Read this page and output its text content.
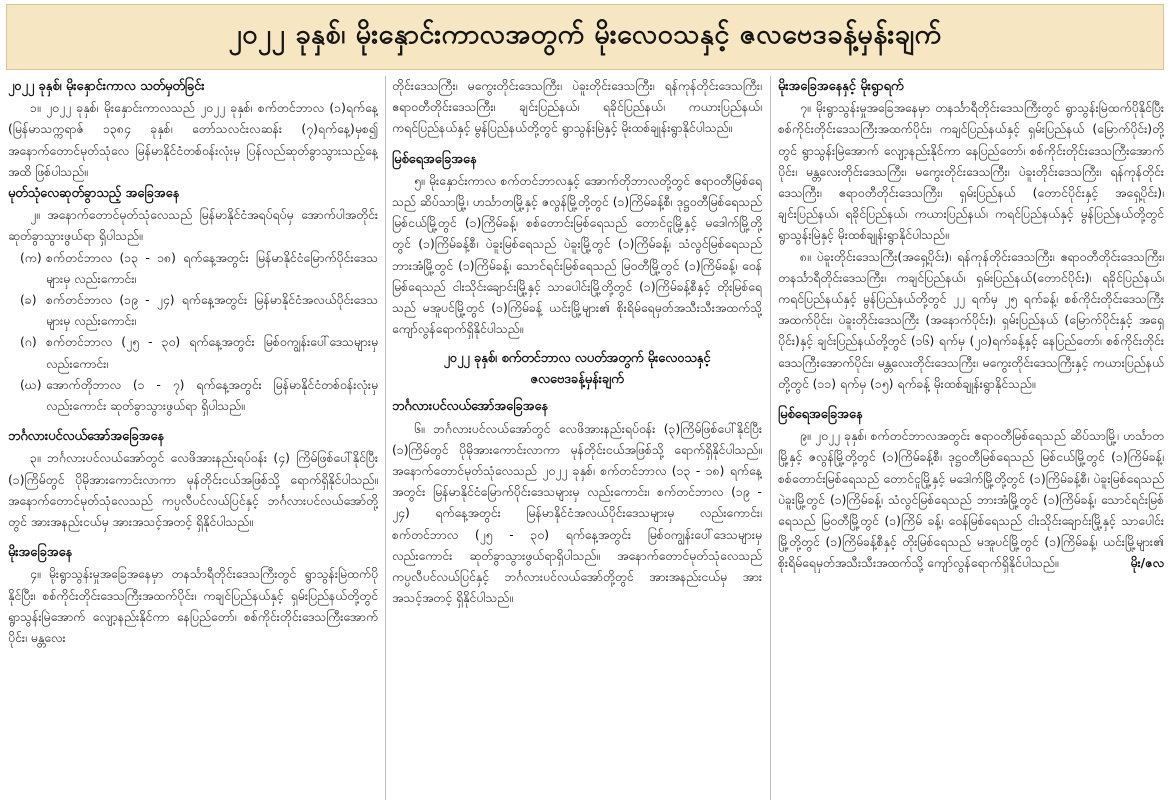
၂၀၂၂ ခုနှစ်၊ မိုးနှောင်းကာလအတွက် မိုးလေဝသနှင့် ဇလဗေဒခန့်မှန်းချက်
၂၀၂၂ ခုနှစ်၊ မိုးနှောင်းကာလ သတ်မှတ်ခြင်း

၁။ ၂၀၂၂ ခုနှစ်၊ မိုးနှောင်းကာလသည် ၂၀၂၂ ခုနှစ်၊ စက်တင်ဘာလ (၁)ရက်နေ့ (မြန်မာသက္ကရာဇ် ၁၃၈၄ ခုနှစ်၊ တော်သလင်းလဆန်း (၇)ရက်နေ့)မှစ၍ အနောက်တောင်မုတ်သုံလေ မြန်မာနိုင်ငံတစ်ဝန်းလုံးမှ ပြန်လည်ဆုတ်ခွာသွားသည့်နေ့အထိ ဖြစ်ပါသည်။

မုတ်သုံလေဆုတ်ခွာသည့် အခြေအနေ

၂။ အနောက်တောင်မုတ်သုံလေသည် မြန်မာနိုင်ငံအရပ်ရပ်မှ အောက်ပါအတိုင်း ဆုတ်ခွာသွားဖွယ်ရာ ရှိပါသည်။

(က) စက်တင်ဘာလ (၁၃ - ၁၈) ရက်နေ့အတွင်း မြန်မာနိုင်ငံမြောက်ပိုင်းဒေသများမှ လည်းကောင်း၊

(ခ) စက်တင်ဘာလ (၁၉ - ၂၄) ရက်နေ့အတွင်း မြန်မာနိုင်ငံအလယ်ပိုင်းဒေသများမှ လည်းကောင်း၊

(ဂ) စက်တင်ဘာလ (၂၅ - ၃၀) ရက်နေ့အတွင်း မြစ်ဝကျွန်းပေါ်ဒေသများမှ လည်းကောင်း၊

(ဃ) အောက်တိုဘာလ (၁ - ၇) ရက်နေ့အတွင်း မြန်မာနိုင်ငံတစ်ဝန်းလုံးမှလည်းကောင်း ဆုတ်ခွာသွားဖွယ်ရာ ရှိပါသည်။

ဘင်္ဂလားပင်လယ်အော်အခြေအနေ

၃။ ဘင်္ဂလားပင်လယ်အော်တွင် လေဖိအားနည်းရပ်ဝန်း (၄) ကြိမ်ဖြစ်ပေါ်နိုင်ပြီး (၁)ကြိမ်တွင် ပိုမိုအားကောင်းလာကာ မုန်တိုင်းငယ်အဖြစ်သို့ ရောက်ရှိနိုင်ပါသည်။ အနောက်တောင်မုတ်သုံလေသည် ကပ္ပလီပင်လယ်ပြင်နှင့် ဘင်္ဂလားပင်လယ်အော်တို့တွင် အားအနည်းငယ်မှ အားအသင့်အတင့် ရှိနိုင်ပါသည်။

မိုးအခြေအနေ

၄။ မိုးရွာသွန်းမှုအခြေအနေမှာ တနင်္သာရီတိုင်းဒေသကြီးတွင် ရွာသွန်းမြဲထက်ပိုနိုင်ပြီး၊ စစ်ကိုင်းတိုင်းဒေသကြီးအထက်ပိုင်း၊ ကချင်ပြည်နယ်နှင့် ရှမ်းပြည်နယ်တို့တွင် ရွာသွန်းမြဲအောက် လျော့နည်းနိုင်ကာ နေပြည်တော်၊ စစ်ကိုင်းတိုင်းဒေသကြီးအောက်ပိုင်း၊ မန္တလေး

တိုင်းဒေသကြီး၊ မကွေးတိုင်းဒေသကြီး၊ ပဲခူးတိုင်းဒေသကြီး၊ ရန်ကုန်တိုင်းဒေသကြီး၊ ဧရာဝတီတိုင်းဒေသကြီး၊ ချင်းပြည်နယ်၊ ရခိုင်ပြည်နယ်၊ ကယားပြည်နယ်၊ ကရင်ပြည်နယ်နှင့် မွန်ပြည်နယ်တို့တွင် ရွာသွန်းမြဲနှင့် မိုးထစ်ချုန်းရွာနိုင်ပါသည်။

မြစ်ရေအခြေအနေ

၅။ မိုးနှောင်းကာလ စက်တင်ဘာလနှင့် အောက်တိုဘာလတို့တွင် ဧရာဝတီမြစ်ရေသည် ဆိပ်သာမြို့၊ ဟင်္သာတမြို့နှင့် ဇလွန်မြို့တို့တွင် (၁)ကြိမ်ခန့်စီ၊ ဒုဋ္ဌဝတီမြစ်ရေသည် မြစ်ငယ်မြို့တွင် (၁)ကြိမ်ခန့်၊ စစ်တောင်းမြစ်ရေသည် တောင်ငူမြို့နှင့် မဒေါက်မြို့တို့တွင် (၁)ကြိမ်ခန့်စီ၊ ပဲခူးမြစ်ရေသည် ပဲခူးမြို့တွင် (၁)ကြိမ်ခန့်၊ သံလွင်မြစ်ရေသည် ဘားအံမြို့တွင် (၁)ကြိမ်ခန့်၊ သောင်ရင်းမြစ်ရေသည် မြဝတီမြို့တွင် (၁)ကြိမ်ခန့်၊ ဝေန်မြစ်ရေသည် ငါးသိုင်းချောင်းမြို့နှင့် သာပေါင်းမြို့တို့တွင် (၁)ကြိမ်ခန့်စီနှင့် တိုးမြစ်ရေသည် မအူပင်မြို့တွင် (၁)ကြိမ်ခန့် ယင်းမြို့များ၏ စိုးရိမ်ရေမှတ်အသီးသီးအထက်သို့ ကျော်လွန်ရောက်ရှိနိုင်ပါသည်။

၂၀၂၂ ခုနှစ်၊ စက်တင်ဘာလ လပတ်အတွက် မိုးလေဝသနှင့်
ဇလဗေဒခန့်မှန်းချက်
ဘင်္ဂလားပင်လယ်အော်အခြေအနေ

၆။ ဘင်္ဂလားပင်လယ်အော်တွင် လေဖိအားနည်းရပ်ဝန်း (၃)ကြိမ်ဖြစ်ပေါ်နိုင်ပြီး (၁)ကြိမ်တွင် ပိုမိုအားကောင်းလာကာ မုန်တိုင်းငယ်အဖြစ်သို့ ရောက်ရှိနိုင်ပါသည်။ အနောက်တောင်မုတ်သုံလေသည် ၂၀၂၂ ခုနှစ်၊ စက်တင်ဘာလ (၁၃ - ၁၈) ရက်နေ့အတွင်း မြန်မာနိုင်ငံမြောက်ပိုင်းဒေသများမှ လည်းကောင်း၊ စက်တင်ဘာလ (၁၉ - ၂၄) ရက်နေ့အတွင်း မြန်မာနိုင်ငံအလယ်ပိုင်းဒေသများမှ လည်းကောင်း၊ စက်တင်ဘာလ (၂၅ - ၃၀) ရက်နေ့အတွင်း မြစ်ဝကျွန်းပေါ်ဒေသများမှ လည်းကောင်း ဆုတ်ခွာသွားဖွယ်ရာရှိပါသည်။ အနောက်တောင်မုတ်သုံလေသည် ကပ္ပလီပင်လယ်ပြင်နှင့် ဘင်္ဂလားပင်လယ်အော်တို့တွင် အားအနည်းငယ်မှ အားအသင့်အတင့် ရှိနိုင်ပါသည်။

မိုးအခြေအနေနှင့် မိုးရွာရက်

၇။ မိုးရွာသွန်းမှုအခြေအနေမှာ တနင်္သာရီတိုင်းဒေသကြီးတွင် ရွာသွန်းမြဲထက်ပိုနိုင်ပြီး စစ်ကိုင်းတိုင်းဒေသကြီးအထက်ပိုင်း၊ ကချင်ပြည်နယ်နှင့် ရှမ်းပြည်နယ် (မြောက်ပိုင်း)တို့တွင် ရွာသွန်းမြဲအောက် လျော့နည်းနိုင်ကာ နေပြည်တော်၊ စစ်ကိုင်းတိုင်းဒေသကြီးအောက်ပိုင်း၊ မန္တလေးတိုင်းဒေသကြီး၊ မကွေးတိုင်းဒေသကြီး၊ ပဲခူးတိုင်းဒေသကြီး၊ ရန်ကုန်တိုင်းဒေသကြီး၊ ဧရာဝတီတိုင်းဒေသကြီး၊ ရှမ်းပြည်နယ် (တောင်ပိုင်းနှင့် အရှေ့ပိုင်း)၊ ချင်းပြည်နယ်၊ ရခိုင်ပြည်နယ်၊ ကယားပြည်နယ်၊ ကရင်ပြည်နယ်နှင့် မွန်ပြည်နယ်တို့တွင် ရွာသွန်းမြဲနှင့် မိုးထစ်ချုန်းရွာနိုင်ပါသည်။

၈။ ပဲခူးတိုင်းဒေသကြီး(အရှေ့ပိုင်း)၊ ရန်ကုန်တိုင်းဒေသကြီး၊ ဧရာဝတီတိုင်းဒေသကြီး၊ တနင်္သာရီတိုင်းဒေသကြီး၊ ကချင်ပြည်နယ်၊ ရှမ်းပြည်နယ်(တောင်ပိုင်း)၊ ရခိုင်ပြည်နယ်၊ ကရင်ပြည်နယ်နှင့် မွန်ပြည်နယ်တို့တွင် ၂၂ ရက်မှ ၂၅ ရက်ခန့်၊ စစ်ကိုင်းတိုင်းဒေသကြီးအထက်ပိုင်း၊ ပဲခူးတိုင်းဒေသကြီး (အနောက်ပိုင်း)၊ ရှမ်းပြည်နယ် (မြောက်ပိုင်းနှင့် အရှေ့ပိုင်း)နှင့် ချင်းပြည်နယ်တို့တွင် (၁၆) ရက်မှ (၂၀)ရက်ခန့်နှင့် နေပြည်တော်၊ စစ်ကိုင်းတိုင်းဒေသကြီးအောက်ပိုင်း၊ မန္တလေးတိုင်းဒေသကြီး၊ မကွေးတိုင်းဒေသကြီးနှင့် ကယားပြည်နယ်တို့တွင် (၁၁) ရက်မှ (၁၅) ရက်ခန့် မိုးထစ်ချုန်းရွာနိုင်သည်။

မြစ်ရေအခြေအနေ

၉။ ၂၀၂၂ ခုနှစ်၊ စက်တင်ဘာလအတွင်း ဧရာဝတီမြစ်ရေသည် ဆိပ်သာမြို့၊ ဟင်္သာတမြို့နှင့် ဇလွန်မြို့တို့တွင် (၁)ကြိမ်ခန့်စီ၊ ဒုဋ္ဌဝတီမြစ်ရေသည် မြစ်ငယ်မြို့တွင် (၁)ကြိမ်ခန့်၊ စစ်တောင်းမြစ်ရေသည် တောင်ငူမြို့နှင့် မဒေါက်မြို့တို့တွင် (၁)ကြိမ်ခန့်စီ၊ ပဲခူးမြစ်ရေသည် ပဲခူးမြို့တွင် (၁)ကြိမ်ခန့်၊ သံလွင်မြစ်ရေသည် ဘားအံမြို့တွင် (၁)ကြိမ်ခန့်၊ သောင်ရင်းမြစ်ရေသည် မြဝတီမြို့တွင် (၁)ကြိမ် ခန့်၊ ဝေန်မြစ်ရေသည် ငါးသိုင်းချောင်းမြို့နှင့် သာပေါင်းမြို့တို့တွင် (၁)ကြိမ်ခန့်စီနှင့် တိုးမြစ်ရေသည် မအူပင်မြို့တွင် (၁)ကြိမ်ခန့်၊ ယင်းမြို့များ၏ စိုးရိမ်ရေမှတ်အသီးသီးအထက်သို့ ကျော်လွန်ရောက်ရှိနိုင်ပါသည်။	မိုး/ဇလ
